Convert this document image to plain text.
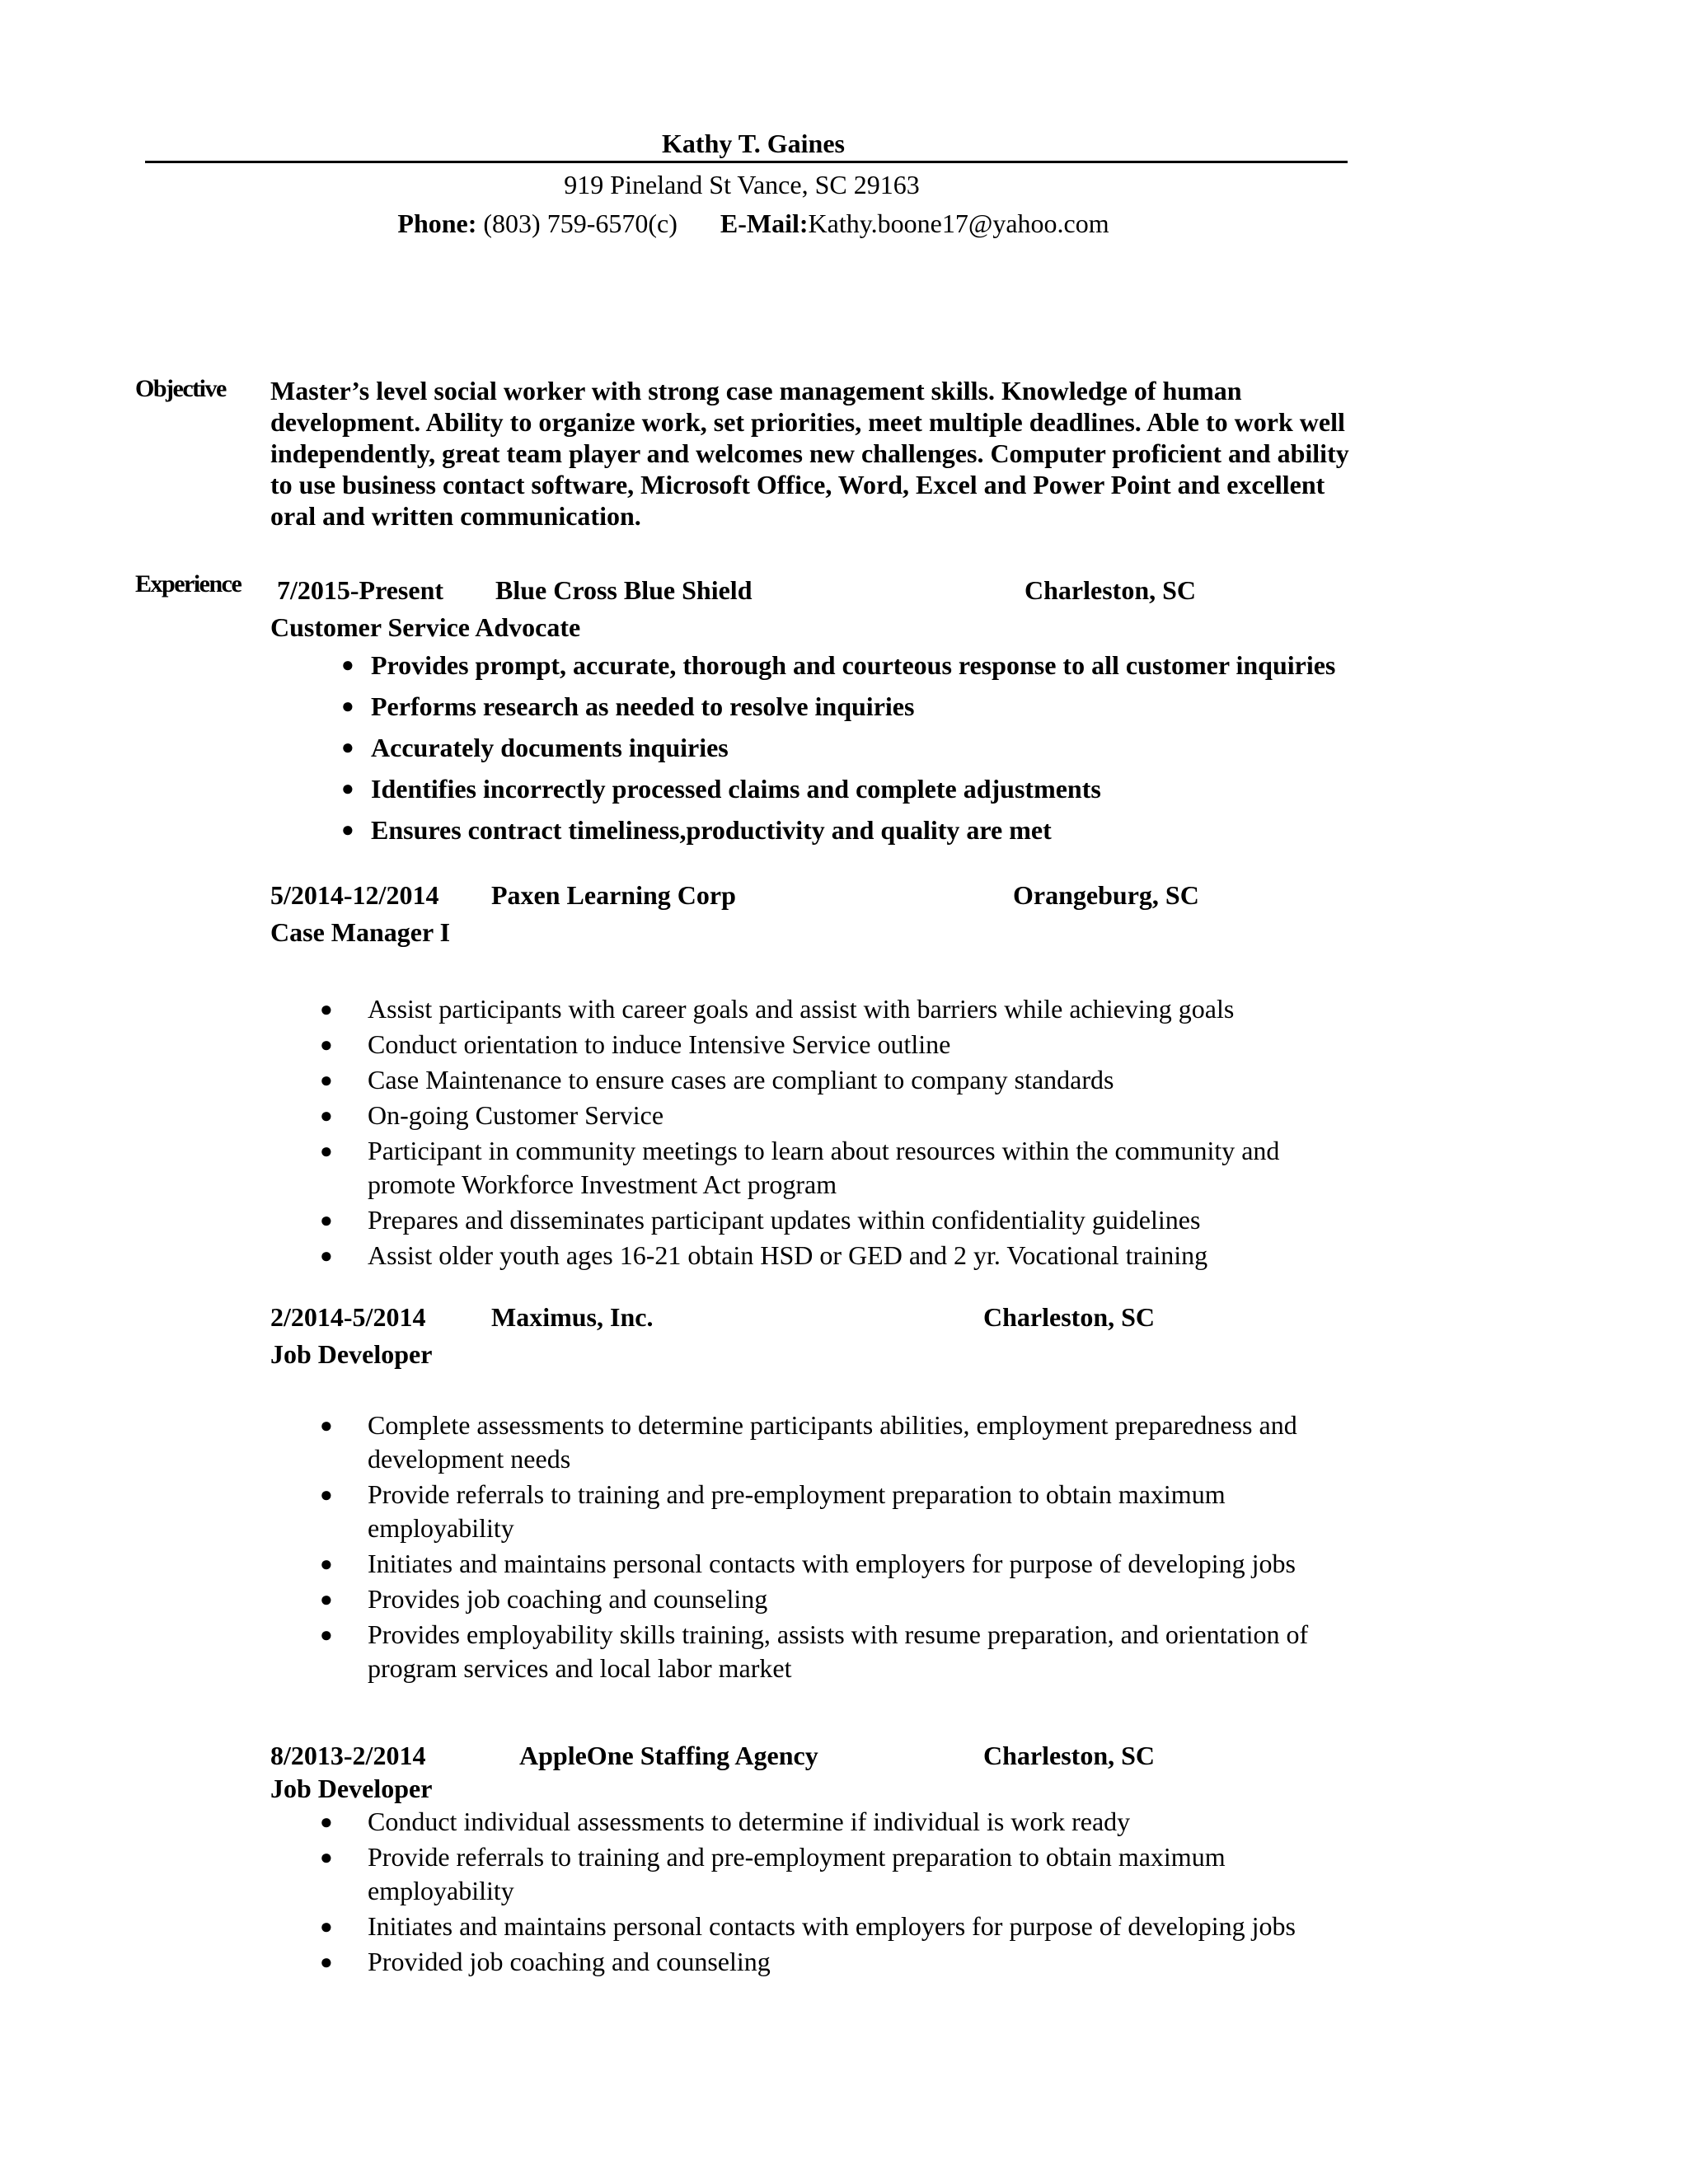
Kathy T. Gaines
919 Pineland St Vance, SC 29163
Phone: (803) 759-6570(c) E-Mail:Kathy.boone17@yahoo.com
Objective Master’s level social worker with strong case management skills. Knowledge of human
development. Ability to organize work, set priorities, meet multiple deadlines. Able to work well
independently, great team player and welcomes new challenges. Computer proficient and ability
to use business contact software, Microsoft Office, Word, Excel and Power Point and excellent
oral and written communication.
Experience 7/2015-Present Blue Cross Blue Shield	Charleston, SC
Customer Service Advocate
● Provides prompt, accurate, thorough and courteous response to all customer inquiries
● Performs research as needed to resolve inquiries
● Accurately documents inquiries
● Identifies incorrectly processed claims and complete adjustments
● Ensures contract timeliness,productivity and quality are met
5/2014-12/2014 Paxen Learning Corp	Orangeburg, SC
Case Manager I
● Assist participants with career goals and assist with barriers while achieving goals
● Conduct orientation to induce Intensive Service outline
● Case Maintenance to ensure cases are compliant to company standards
● On-going Customer Service
● Participant in community meetings to learn about resources within the community and promote Workforce Investment Act program
● Prepares and disseminates participant updates within confidentiality guidelines
● Assist older youth ages 16-21 obtain HSD or GED and 2 yr. Vocational training
2/2014-5/2014 Maximus, Inc.	Charleston, SC
Job Developer
● Complete assessments to determine participants abilities, employment preparedness and development needs
● Provide referrals to training and pre-employment preparation to obtain maximum employability
● Initiates and maintains personal contacts with employers for purpose of developing jobs
● Provides job coaching and counseling
● Provides employability skills training, assists with resume preparation, and orientation of program services and local labor market
8/2013-2/2014	AppleOne Staffing Agency	Charleston, SC
Job Developer
● Conduct individual assessments to determine if individual is work ready
● Provide referrals to training and pre-employment preparation to obtain maximum employability
● Initiates and maintains personal contacts with employers for purpose of developing jobs
● Provided job coaching and counseling
